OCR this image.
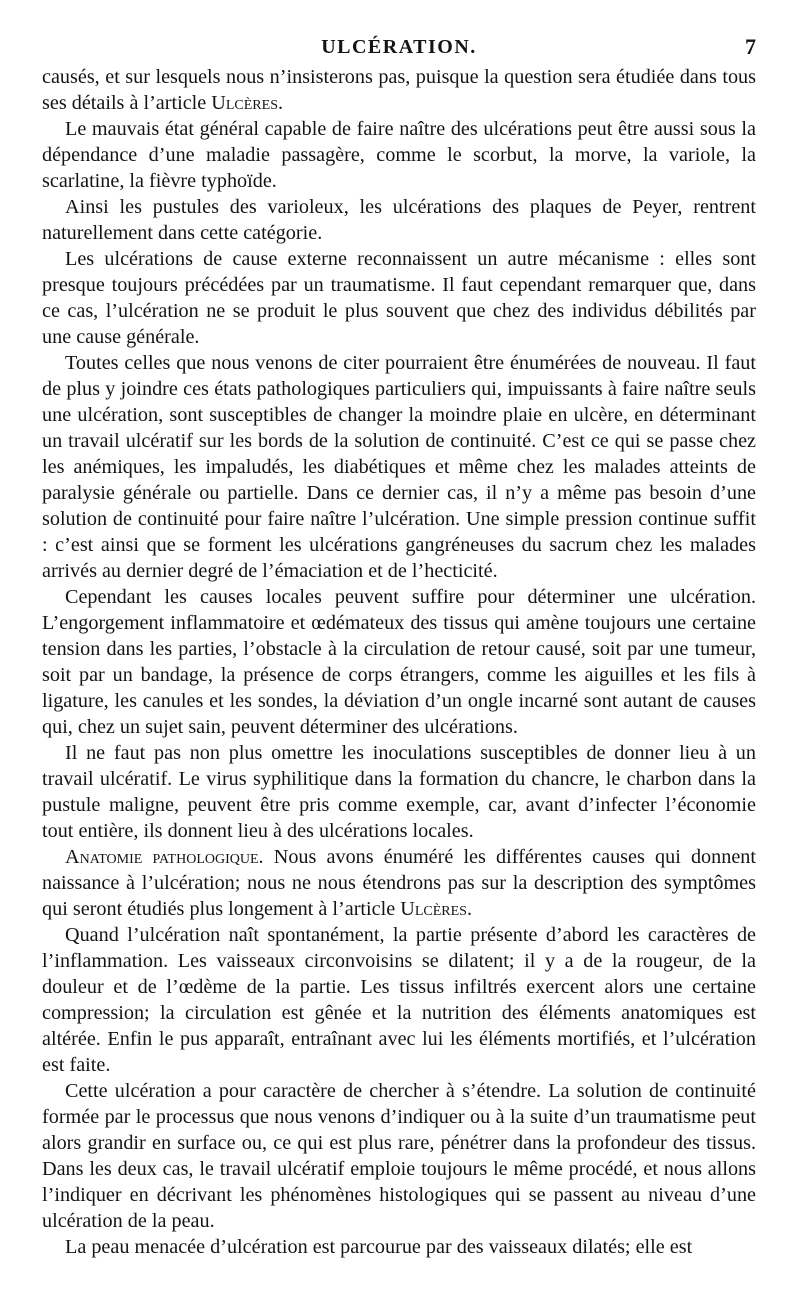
ULCÉRATION.	7

causés, et sur lesquels nous n’insisterons pas, puisque la question sera étudiée dans tous ses détails à l’article Ulcères.

Le mauvais état général capable de faire naître des ulcérations peut être aussi sous la dépendance d’une maladie passagère, comme le scorbut, la morve, la variole, la scarlatine, la fièvre typhoïde.

Ainsi les pustules des varioleux, les ulcérations des plaques de Peyer, rentrent naturellement dans cette catégorie.

Les ulcérations de cause externe reconnaissent un autre mécanisme : elles sont presque toujours précédées par un traumatisme. Il faut cependant remarquer que, dans ce cas, l’ulcération ne se produit le plus souvent que chez des individus débilités par une cause générale.

Toutes celles que nous venons de citer pourraient être énumérées de nouveau. Il faut de plus y joindre ces états pathologiques particuliers qui, impuissants à faire naître seuls une ulcération, sont susceptibles de changer la moindre plaie en ulcère, en déterminant un travail ulcératif sur les bords de la solution de continuité. C’est ce qui se passe chez les anémiques, les impaludés, les diabétiques et même chez les malades atteints de paralysie générale ou partielle. Dans ce dernier cas, il n’y a même pas besoin d’une solution de continuité pour faire naître l’ulcération. Une simple pression continue suffit : c’est ainsi que se forment les ulcérations gangréneuses du sacrum chez les malades arrivés au dernier degré de l’émaciation et de l’hecticité.

Cependant les causes locales peuvent suffire pour déterminer une ulcération. L’engorgement inflammatoire et œdémateux des tissus qui amène toujours une certaine tension dans les parties, l’obstacle à la circulation de retour causé, soit par une tumeur, soit par un bandage, la présence de corps étrangers, comme les aiguilles et les fils à ligature, les canules et les sondes, la déviation d’un ongle incarné sont autant de causes qui, chez un sujet sain, peuvent déterminer des ulcérations.

Il ne faut pas non plus omettre les inoculations susceptibles de donner lieu à un travail ulcératif. Le virus syphilitique dans la formation du chancre, le charbon dans la pustule maligne, peuvent être pris comme exemple, car, avant d’infecter l’économie tout entière, ils donnent lieu à des ulcérations locales.

Anatomie pathologique. Nous avons énuméré les différentes causes qui donnent naissance à l’ulcération; nous ne nous étendrons pas sur la description des symptômes qui seront étudiés plus longement à l’article Ulcères.

Quand l’ulcération naît spontanément, la partie présente d’abord les caractères de l’inflammation. Les vaisseaux circonvoisins se dilatent; il y a de la rougeur, de la douleur et de l’œdème de la partie. Les tissus infiltrés exercent alors une certaine compression; la circulation est gênée et la nutrition des éléments anatomiques est altérée. Enfin le pus apparaît, entraînant avec lui les éléments mortifiés, et l’ulcération est faite.

Cette ulcération a pour caractère de chercher à s’étendre. La solution de continuité formée par le processus que nous venons d’indiquer ou à la suite d’un traumatisme peut alors grandir en surface ou, ce qui est plus rare, pénétrer dans la profondeur des tissus. Dans les deux cas, le travail ulcératif emploie toujours le même procédé, et nous allons l’indiquer en décrivant les phénomènes histologiques qui se passent au niveau d’une ulcération de la peau.

La peau menacée d’ulcération est parcourue par des vaisseaux dilatés; elle est
